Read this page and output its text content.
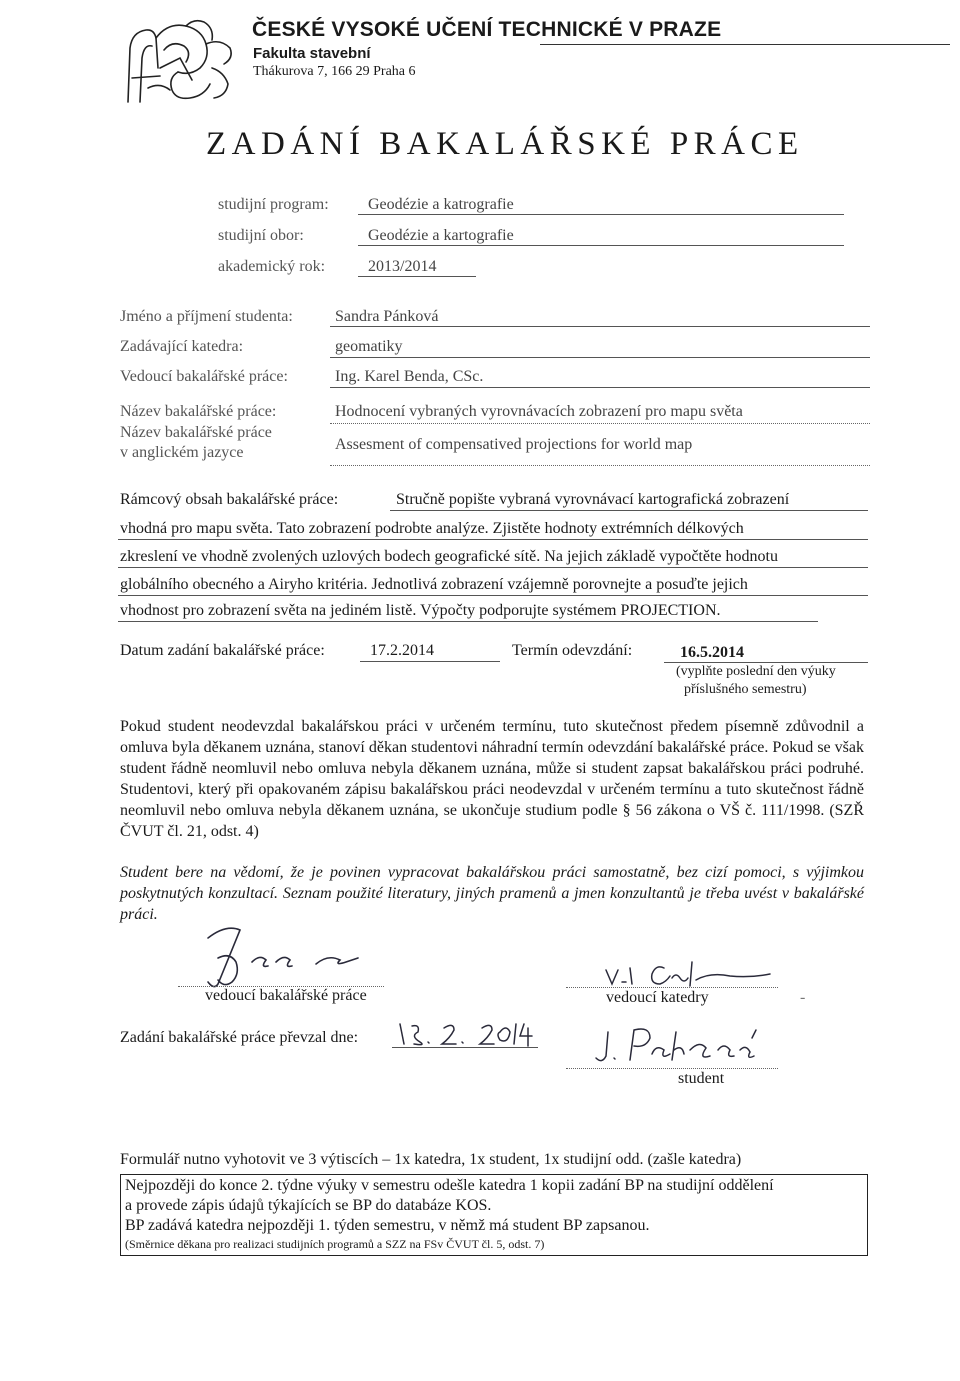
ČESKÉ VYSOKÉ UČENÍ TECHNICKÉ V PRAZE
Fakulta stavební
Thákurova 7, 166 29 Praha 6
ZADÁNÍ BAKALÁŘSKÉ PRÁCE
studijní program: Geodézie a katrografie
studijní obor:	Geodézie a kartografie
akademický rok:	2013/2014
Jméno a příjmení studenta:	Sandra Pánková
Zadávající katedra:	geomatiky
Vedoucí bakalářské práce:	Ing. Karel Benda, CSc.
Název bakalářské práce:	Hodnocení vybraných vyrovnávacích zobrazení pro mapu světa
Název bakalářské práce
v anglickém jazyce	Assesment of compensatived projections for world map
Rámcový obsah bakalářské práce:	Stručně popište vybraná vyrovnávací kartografická zobrazení
vhodná pro mapu světa. Tato zobrazení podrobte analýze. Zjistěte hodnoty extrémních délkových
zkreslení ve vhodně zvolených uzlových bodech geografické sítě. Na jejich základě vypočtěte hodnotu
globálního obecného a Airyho kritéria. Jednotlivá zobrazení vzájemně porovnejte a posuďte jejich
vhodnost pro zobrazení světa na jediném listě. Výpočty podporujte systémem PROJECTION.
Datum zadání bakalářské práce:	17.2.2014	Termín odevzdání:	16.5.2014
(vyplňte poslední den výuky
příslušného semestru)
Pokud student neodevzdal bakalářskou práci v určeném termínu, tuto skutečnost předem písemně zdůvodnil a omluva byla děkanem uznána, stanoví děkan studentovi náhradní termín odevzdání bakalářské práce. Pokud se však student řádně neomluvil nebo omluva nebyla děkanem uznána, může si student zapsat bakalářskou práci podruhé. Studentovi, který při opakovaném zápisu bakalářskou práci neodevzdal v určeném termínu a tuto skutečnost řádně neomluvil nebo omluva nebyla děkanem uznána, se ukončuje studium podle § 56 zákona o VŠ č. 111/1998. (SZŘ ČVUT čl. 21, odst. 4)
Student bere na vědomí, že je povinen vypracovat bakalářskou práci samostatně, bez cizí pomoci, s výjimkou poskytnutých konzultací. Seznam použité literatury, jiných pramenů a jmen konzultantů je třeba uvést v bakalářské práci.
vedoucí bakalářské práce	vedoucí katedry	-
Zadání bakalářské práce převzal dne:
student
Formulář nutno vyhotovit ve 3 výtiscích – 1x katedra, 1x student, 1x studijní odd. (zašle katedra)
Nejpozději do konce 2. týdne výuky v semestru odešle katedra 1 kopii zadání BP na studijní oddělení
a provede zápis údajů týkajících se BP do databáze KOS.
BP zadává katedra nejpozději 1. týden semestru, v němž má student BP zapsanou.
(Směrnice děkana pro realizaci studijních programů a SZZ na FSv ČVUT čl. 5, odst. 7)
